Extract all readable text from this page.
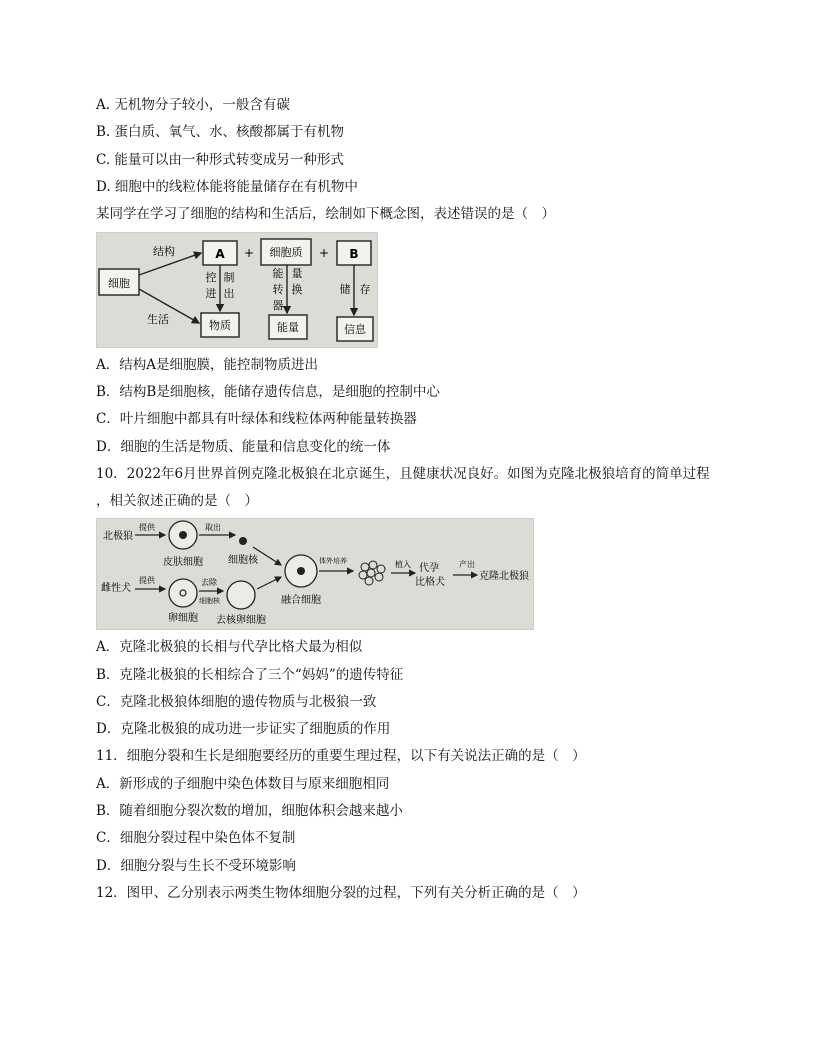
A. 无机物分子较小，一般含有碳
B. 蛋白质、氧气、水、核酸都属于有机物
C. 能量可以由一种形式转变成另一种形式
D. 细胞中的线粒体能将能量储存在有机物中
某同学在学习了细胞的结构和生活后，绘制如下概念图，表述错误的是（　）
细胞
结构
生活
A + 细胞质 + B
控 制
进 出
能 量
转 换
器
储 存
物质	能量	信息
A．结构A是细胞膜，能控制物质进出
B．结构B是细胞核，能储存遗传信息，是细胞的控制中心
C．叶片细胞中都具有叶绿体和线粒体两种能量转换器
D．细胞的生活是物质、能量和信息变化的统一体
10．2022年6月世界首例克隆北极狼在北京诞生，且健康状况良好。如图为克隆北极狼培育的简单过程
，相关叙述正确的是（　）
北极狼
提供
皮肤细胞
取出
细胞核
雌性犬
提供
卵细胞
去除
细胞核
去核卵细胞
融合细胞
体外培养	植入 代孕
比格犬
产出
克隆北极狼
A．克隆北极狼的长相与代孕比格犬最为相似
B．克隆北极狼的长相综合了三个“妈妈”的遗传特征
C．克隆北极狼体细胞的遗传物质与北极狼一致
D．克隆北极狼的成功进一步证实了细胞质的作用
11．细胞分裂和生长是细胞要经历的重要生理过程，以下有关说法正确的是（　）
A．新形成的子细胞中染色体数目与原来细胞相同
B．随着细胞分裂次数的增加，细胞体积会越来越小
C．细胞分裂过程中染色体不复制
D．细胞分裂与生长不受环境影响
12．图甲、乙分别表示两类生物体细胞分裂的过程，下列有关分析正确的是（　）
